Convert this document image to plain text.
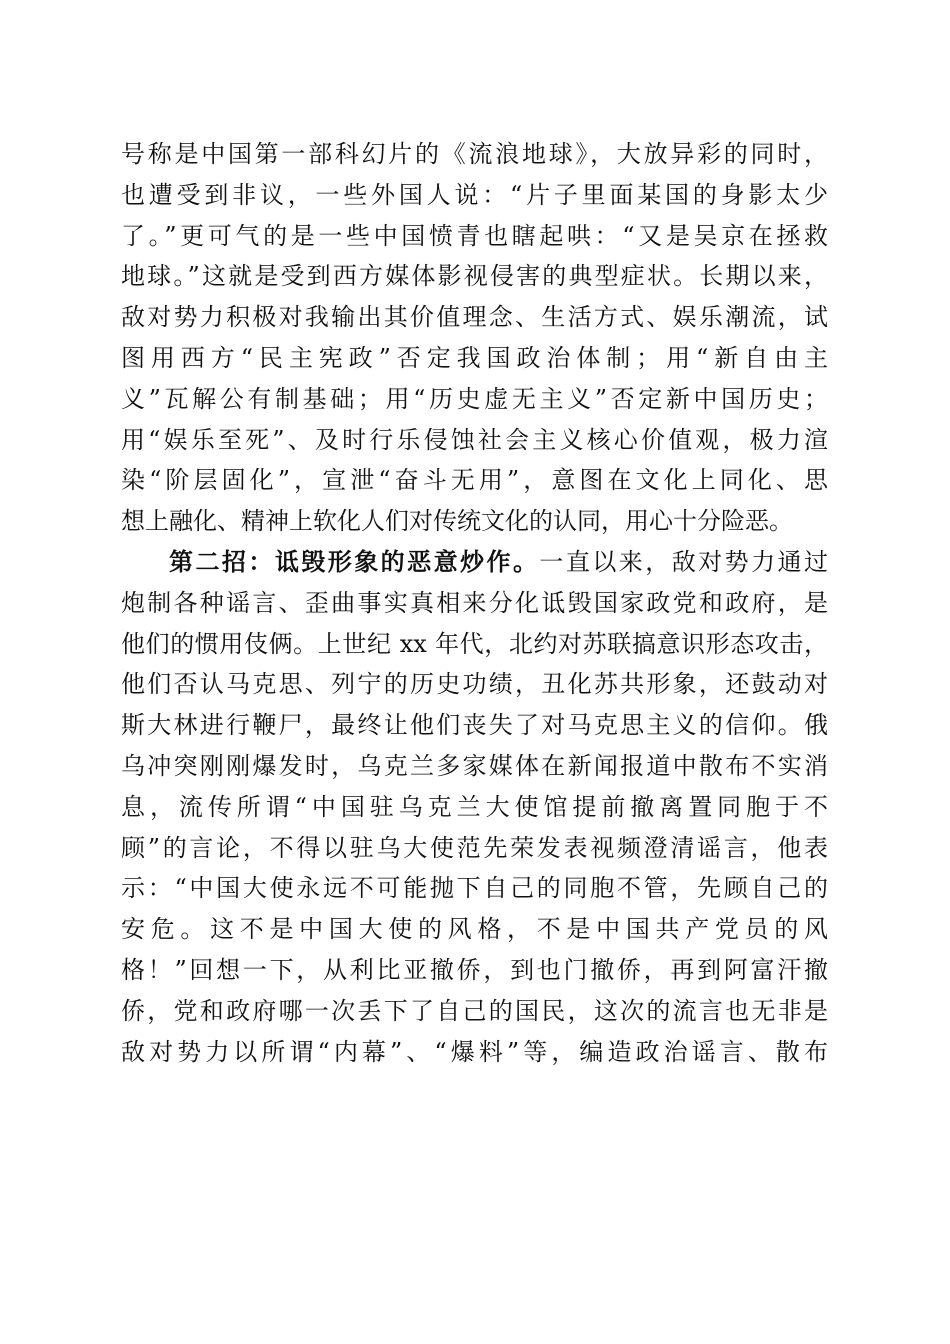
号称是中国第一部科幻片的《流浪地球》，大放异彩的同时，
也遭受到非议，一些外国人说：“片子里面某国的身影太少
了。”更可气的是一些中国愤青也瞎起哄：“又是吴京在拯救
地球。”这就是受到西方媒体影视侵害的典型症状。长期以来，
敌对势力积极对我输出其价值理念、生活方式、娱乐潮流，试
图用西方“民主宪政”否定我国政治体制；用“新自由主
义”瓦解公有制基础；用“历史虚无主义”否定新中国历史；
用“娱乐至死”、及时行乐侵蚀社会主义核心价值观，极力渲
染“阶层固化”，宣泄“奋斗无用”，意图在文化上同化、思
想上融化、精神上软化人们对传统文化的认同，用心十分险恶。
第二招：诋毁形象的恶意炒作。一直以来，敌对势力通过
炮制各种谣言、歪曲事实真相来分化诋毁国家政党和政府，是
他们的惯用伎俩。上世纪 xx 年代，北约对苏联搞意识形态攻击，
他们否认马克思、列宁的历史功绩，丑化苏共形象，还鼓动对
斯大林进行鞭尸，最终让他们丧失了对马克思主义的信仰。俄
乌冲突刚刚爆发时，乌克兰多家媒体在新闻报道中散布不实消
息，流传所谓“中国驻乌克兰大使馆提前撤离置同胞于不
顾”的言论，不得以驻乌大使范先荣发表视频澄清谣言，他表
示：“中国大使永远不可能抛下自己的同胞不管，先顾自己的
安危。这不是中国大使的风格，不是中国共产党员的风
格！”回想一下，从利比亚撤侨，到也门撤侨，再到阿富汗撤
侨，党和政府哪一次丢下了自己的国民，这次的流言也无非是
敌对势力以所谓“内幕”、“爆料”等，编造政治谣言、散布
